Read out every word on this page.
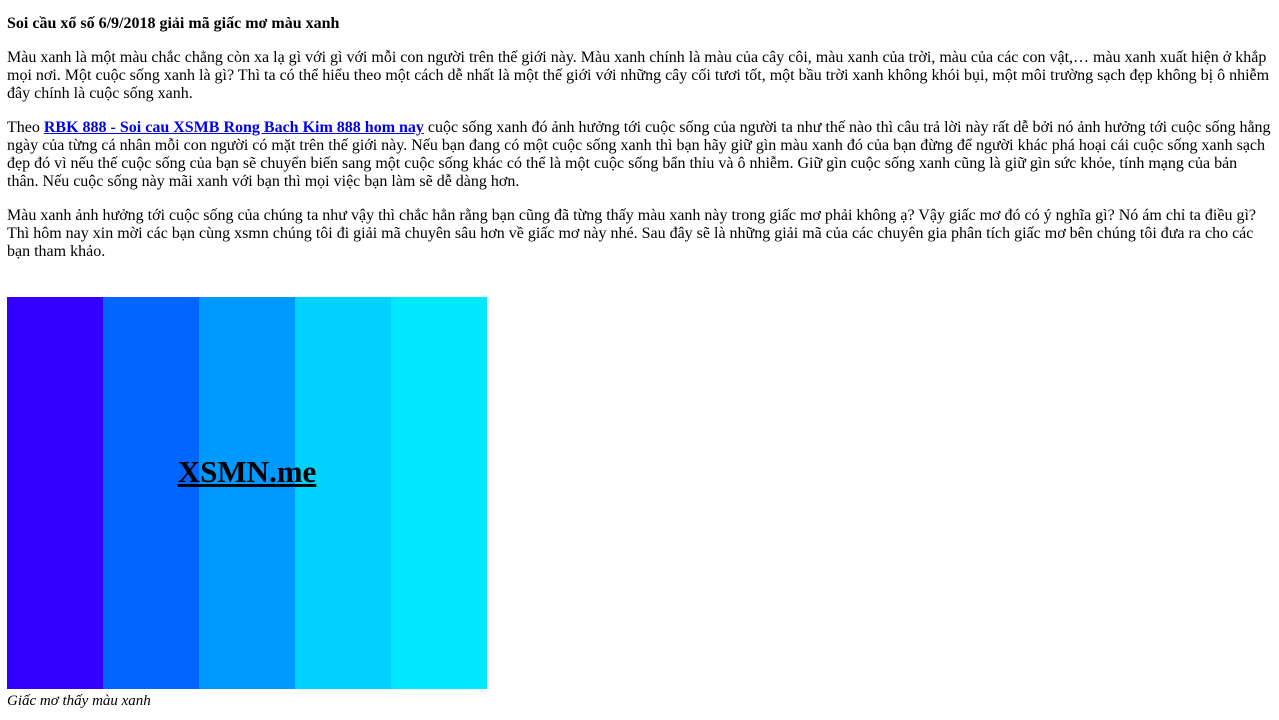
Soi cầu xổ số 6/9/2018 giải mã giấc mơ màu xanh

Màu xanh là một màu chắc chẳng còn xa lạ gì với gì với mỗi con người trên thế giới này. Màu xanh chính là màu của cây côi, màu xanh của trời, màu của các con vật,… màu xanh xuất hiện ở khắp mọi nơi. Một cuộc sống xanh là gì? Thì ta có thể hiểu theo một cách dễ nhất là một thế giới với những cây cối tươi tốt, một bầu trời xanh không khói bụi, một môi trường sạch đẹp không bị ô nhiễm đây chính là cuộc sống xanh.

Theo RBK 888 - Soi cau XSMB Rong Bach Kim 888 hom nay cuộc sống xanh đó ảnh hưởng tới cuộc sống của người ta như thế nào thì câu trả lời này rất dễ bởi nó ảnh hưởng tới cuộc sống hằng ngày của từng cá nhân mỗi con người có mặt trên thế giới này. Nếu bạn đang có một cuộc sống xanh thì bạn hãy giữ gìn màu xanh đó của bạn đừng để người khác phá hoại cái cuộc sống xanh sạch đẹp đó vì nếu thế cuộc sống của bạn sẽ chuyển biến sang một cuộc sống khác có thể là một cuộc sống bẩn thỉu và ô nhiễm. Giữ gìn cuộc sống xanh cũng là giữ gìn sức khỏe, tính mạng của bản thân. Nếu cuộc sống này mãi xanh với bạn thì mọi việc bạn làm sẽ dễ dàng hơn.

Màu xanh ảnh hưởng tới cuộc sống của chúng ta như vậy thì chắc hẳn rằng bạn cũng đã từng thấy màu xanh này trong giấc mơ phải không ạ? Vậy giấc mơ đó có ý nghĩa gì? Nó ám chỉ ta điều gì? Thì hôm nay xin mời các bạn cùng xsmn chúng tôi đi giải mã chuyên sâu hơn về giấc mơ này nhé. Sau đây sẽ là những giải mã của các chuyên gia phân tích giấc mơ bên chúng tôi đưa ra cho các bạn tham khảo.

XSMN.me
Giấc mơ thấy màu xanh
